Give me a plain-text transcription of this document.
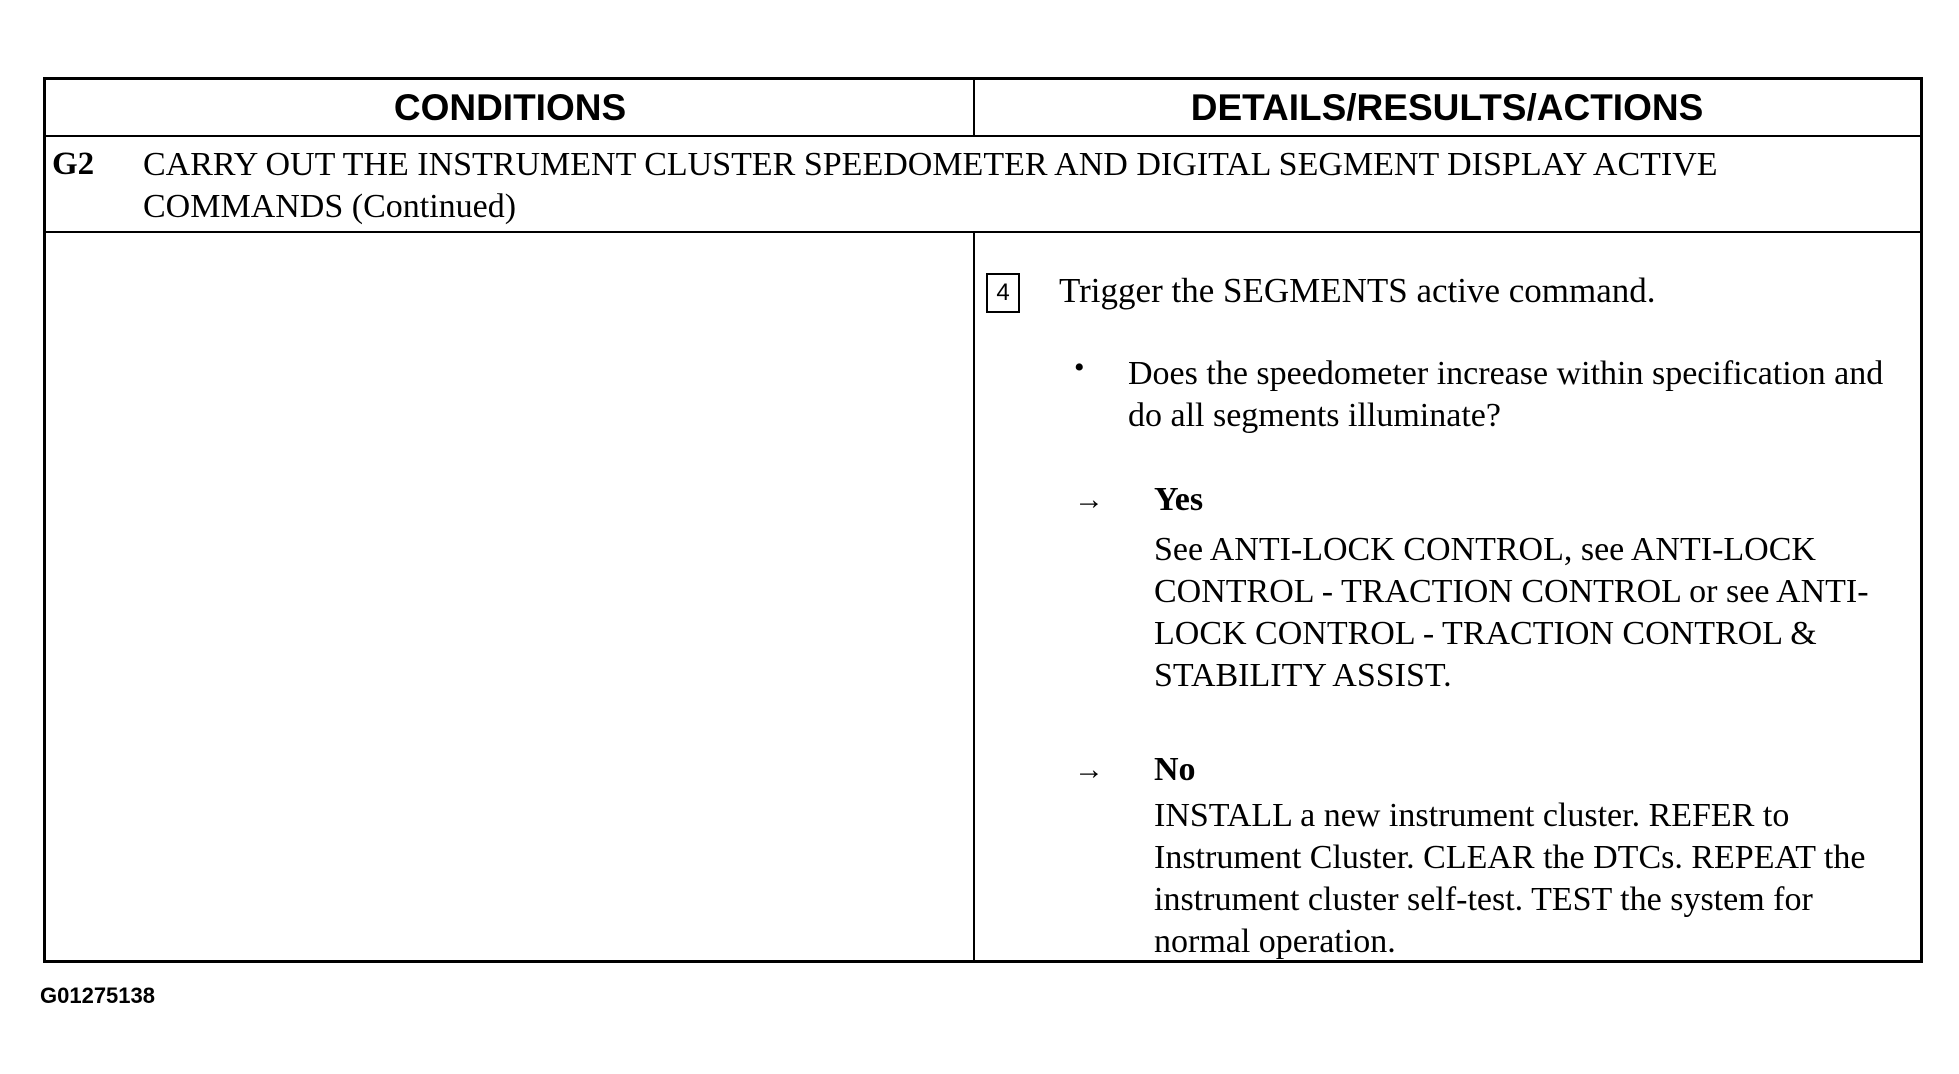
CONDITIONS	DETAILS/RESULTS/ACTIONS
G2 CARRY OUT THE INSTRUMENT CLUSTER SPEEDOMETER AND DIGITAL SEGMENT DISPLAY ACTIVE COMMANDS (Continued)
4 Trigger the SEGMENTS active command.
• Does the speedometer increase within specification and do all segments illuminate?
→ Yes
See ANTI-LOCK CONTROL, see ANTI-LOCK CONTROL - TRACTION CONTROL or see ANTI-LOCK CONTROL - TRACTION CONTROL & STABILITY ASSIST.
→ No
INSTALL a new instrument cluster. REFER to Instrument Cluster. CLEAR the DTCs. REPEAT the instrument cluster self-test. TEST the system for normal operation.
G01275138
